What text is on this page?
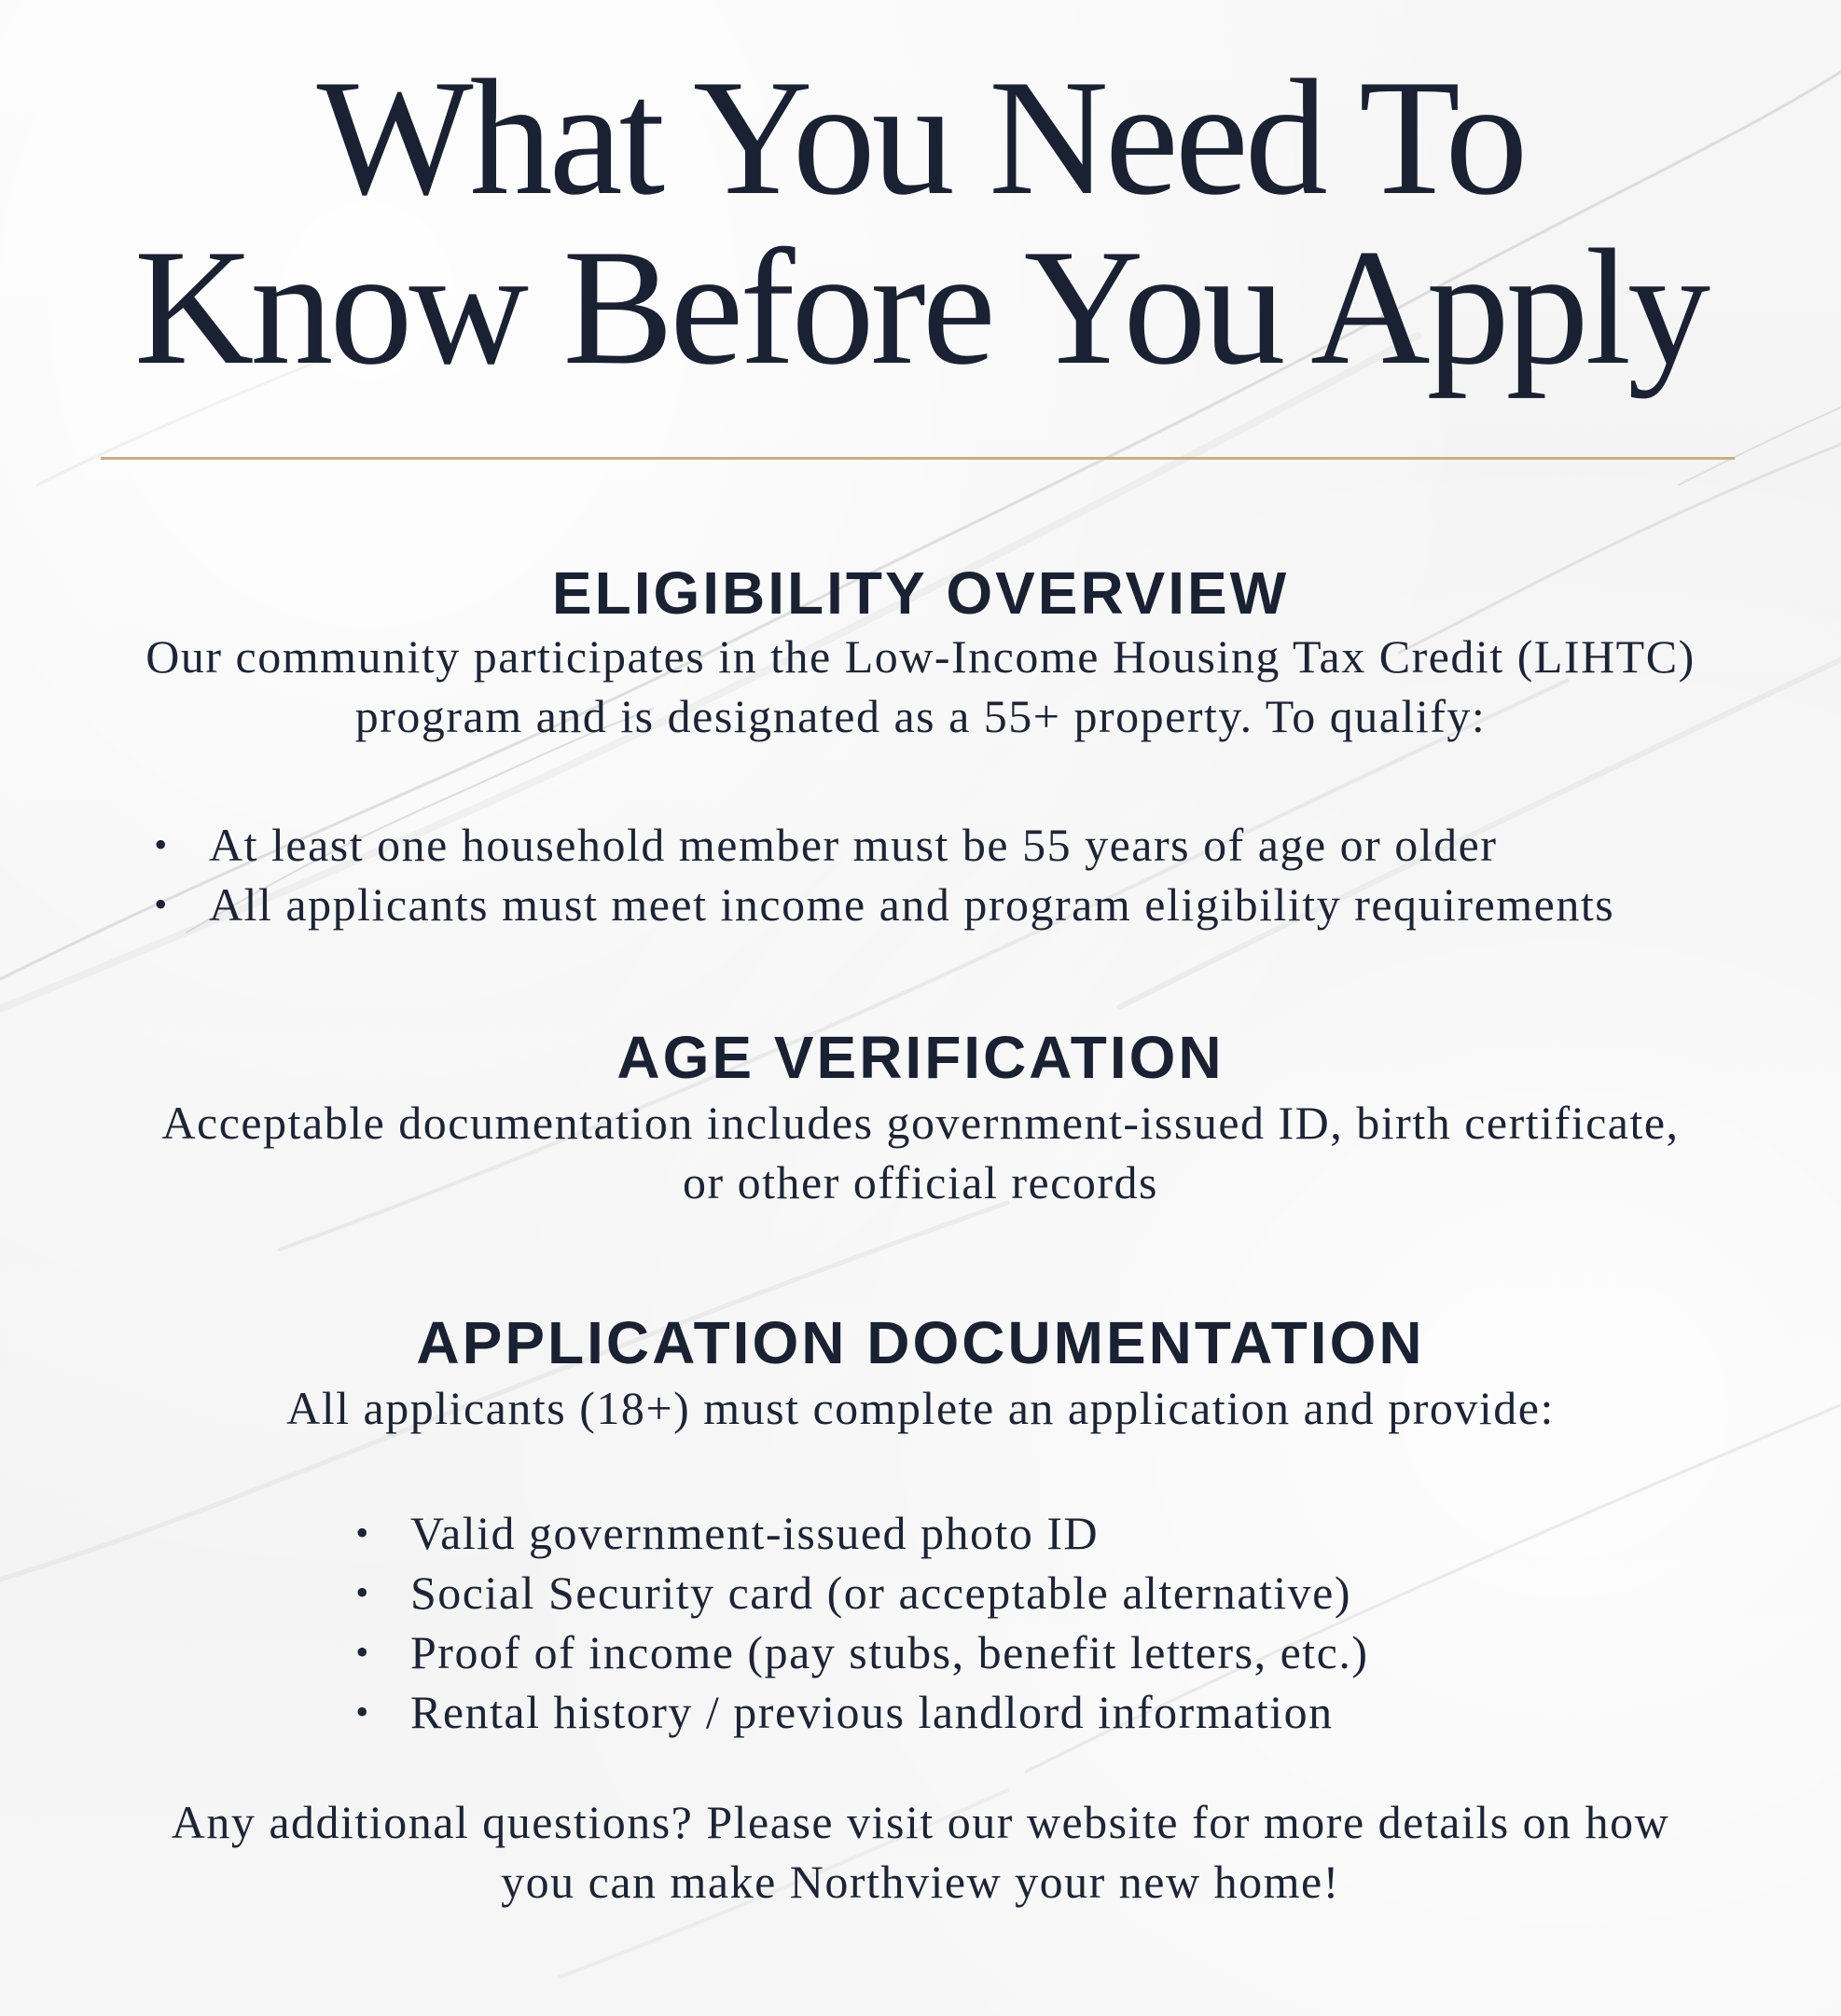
What You Need To
Know Before You Apply
ELIGIBILITY OVERVIEW

Our community participates in the Low-Income Housing Tax Credit (LIHTC)
program and is designated as a 55+ property. To qualify:

• At least one household member must be 55 years of age or older
• All applicants must meet income and program eligibility requirements
AGE VERIFICATION

Acceptable documentation includes government-issued ID, birth certificate,
or other official records

APPLICATION DOCUMENTATION

All applicants (18+) must complete an application and provide:

• Valid government-issued photo ID
• Social Security card (or acceptable alternative)
• Proof of income (pay stubs, benefit letters, etc.)
• Rental history / previous landlord information

Any additional questions? Please visit our website for more details on how
you can make Northview your new home!
